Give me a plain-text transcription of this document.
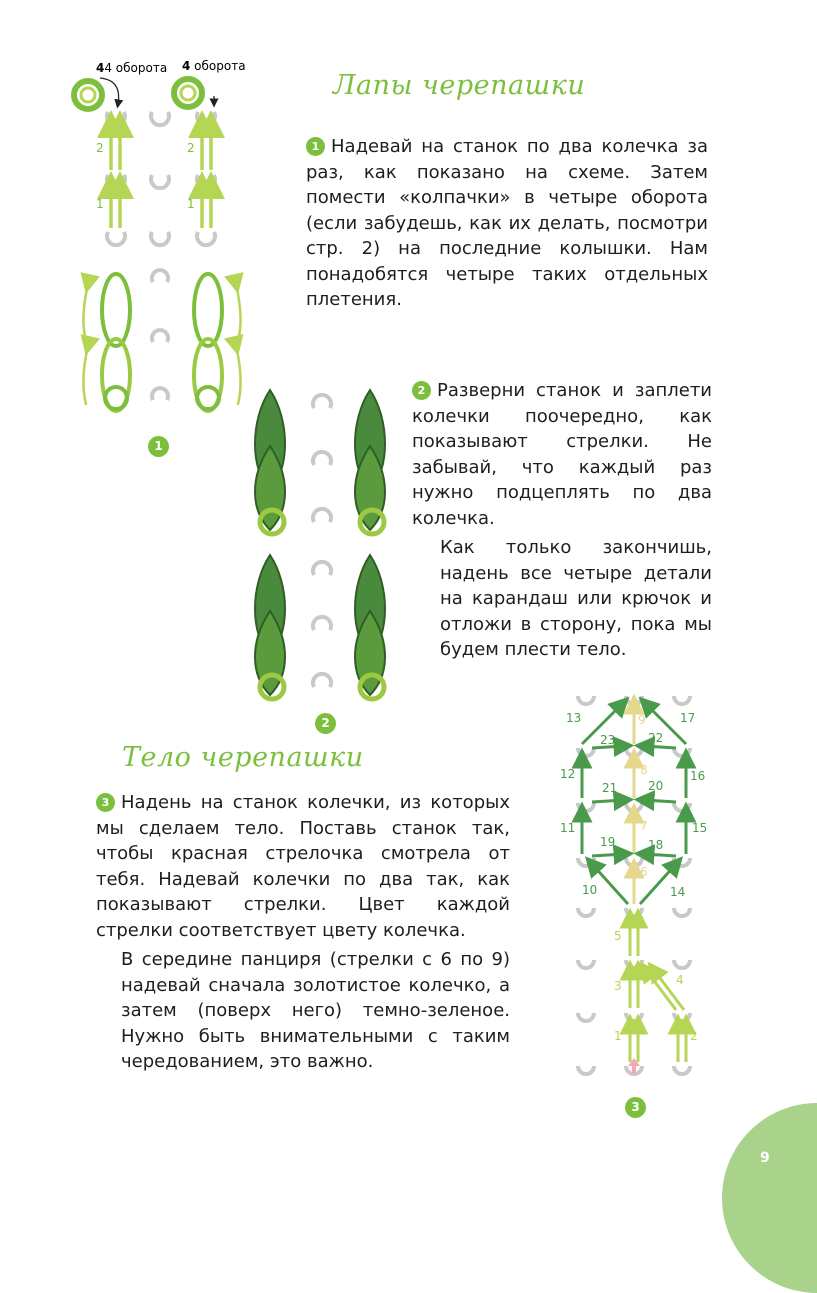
Лапы черепашки

1 Надевай на станок по два колечка за раз, как показано на схеме. Затем помести «колпачки» в четыре оборота (если забудешь, как их делать, посмотри стр. 2) на последние колышки. Нам понадобятся четыре таких отдельных плетения.

2 Разверни станок и заплети колечки поочередно, как показывают стрелки. Не забывай, что каждый раз нужно подцеплять по два колечка.

Как только закончишь, надень все четыре детали на карандаш или крючок и отложи в сторону, пока мы будем плести тело.

Тело черепашки

3 Надень на станок колечки, из которых мы сделаем тело. Поставь станок так, чтобы красная стрелочка смотрела от тебя. Надевай колечки по два так, как показывают стрелки. Цвет каждой стрелки соответствует цвету колечка.

В середине панциря (стрелки с 6 по 9) надевай сначала золотистое колечко, а затем (поверх него) темно-зеленое. Нужно быть внимательными с таким чередованием, это важно.

44 оборота 4 оборота
2
1
2
1
1
2	13	9	17
23	22
12	8	16
21	20
11	7	15
19	18
6
10	14
5
3	4
1	2
3
9
